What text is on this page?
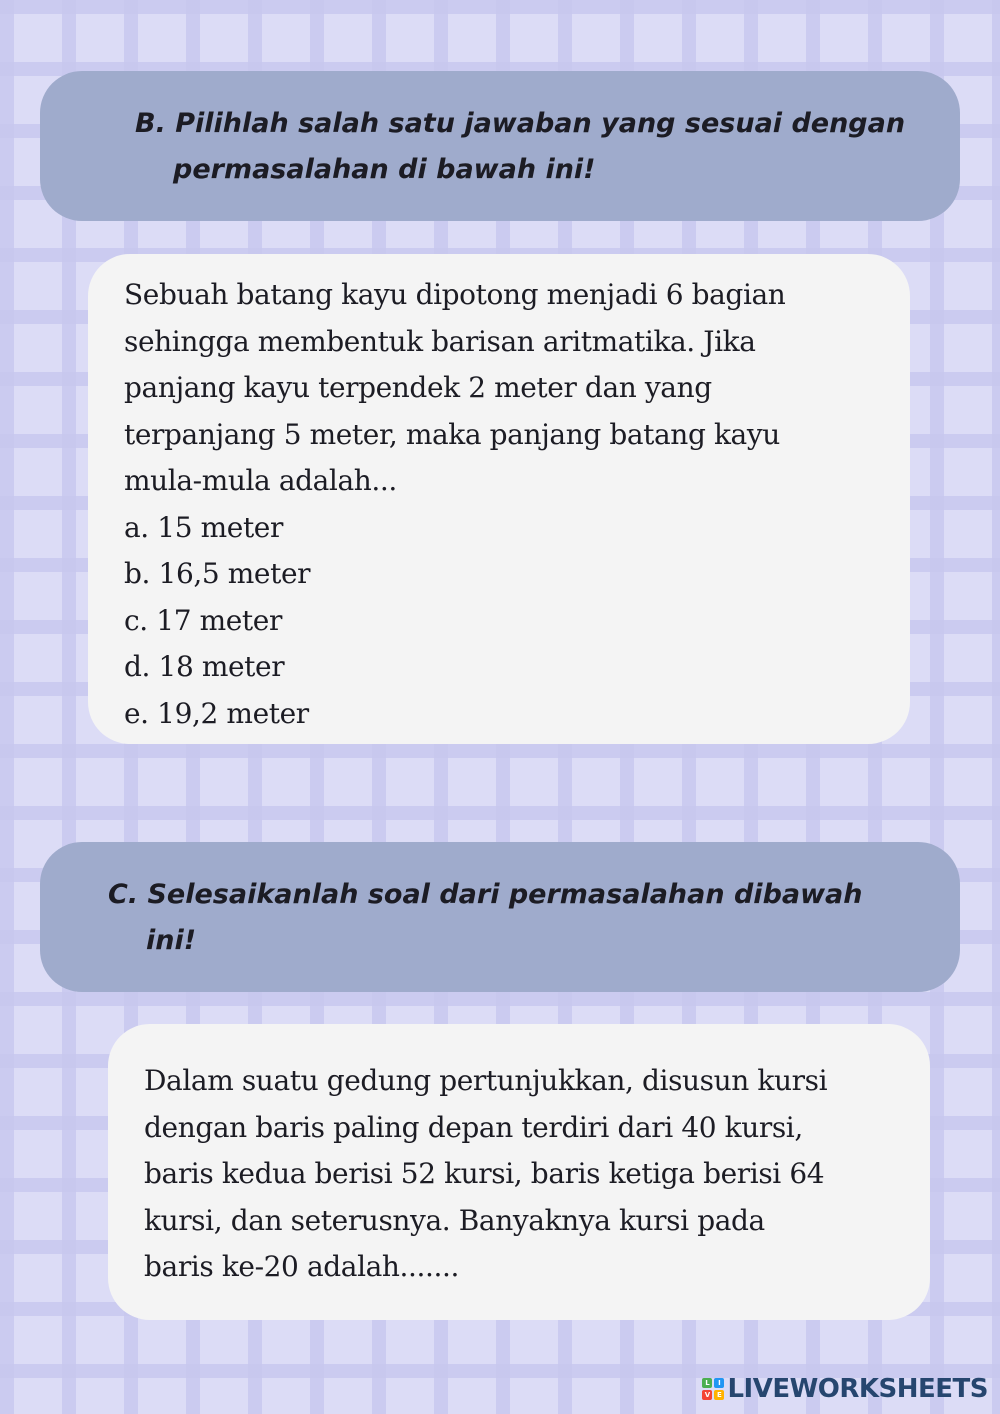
B. Pilihlah salah satu jawaban yang sesuai dengan
permasalahan di bawah ini!
Sebuah batang kayu dipotong menjadi 6 bagian
sehingga membentuk barisan aritmatika. Jika
panjang kayu terpendek 2 meter dan yang
terpanjang 5 meter, maka panjang batang kayu
mula-mula adalah...
a. 15 meter
b. 16,5 meter
c. 17 meter
d. 18 meter
e. 19,2 meter
C. Selesaikanlah soal dari permasalahan dibawah
ini!
Dalam suatu gedung pertunjukkan, disusun kursi
dengan baris paling depan terdiri dari 40 kursi,
baris kedua berisi 52 kursi, baris ketiga berisi 64
kursi, dan seterusnya. Banyaknya kursi pada
baris ke-20 adalah.......
L	I
V E LIVEWORKSHEETS
